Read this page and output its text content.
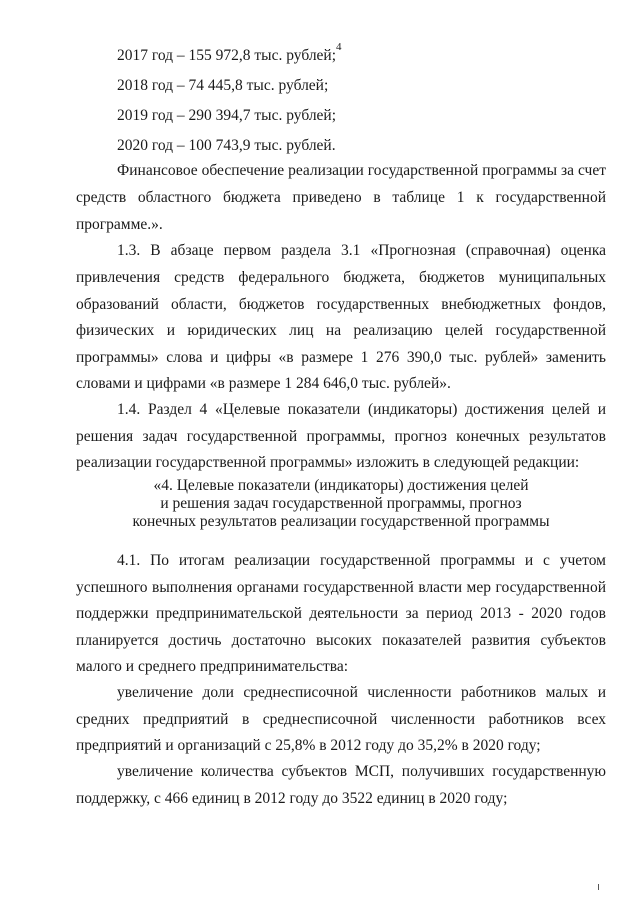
4
2017 год – 155 972,8 тыс. рублей;
2018 год – 74 445,8 тыс. рублей;
2019 год – 290 394,7 тыс. рублей;
2020 год – 100 743,9 тыс. рублей.
Финансовое обеспечение реализации государственной программы за счет
средств областного бюджета приведено в таблице 1 к государственной
программе.».
1.3. В абзаце первом раздела 3.1 «Прогнозная (справочная) оценка
привлечения средств федерального бюджета, бюджетов муниципальных
образований области, бюджетов государственных внебюджетных фондов,
физических и юридических лиц на реализацию целей государственной
программы» слова и цифры «в размере 1 276 390,0 тыс. рублей» заменить
словами и цифрами «в размере 1 284 646,0 тыс. рублей».
1.4. Раздел 4 «Целевые показатели (индикаторы) достижения целей и
решения задач государственной программы, прогноз конечных результатов
реализации государственной программы» изложить в следующей редакции:
«4. Целевые показатели (индикаторы) достижения целей
и решения задач государственной программы, прогноз
конечных результатов реализации государственной программы
4.1. По итогам реализации государственной программы и с учетом
успешного выполнения органами государственной власти мер государственной
поддержки предпринимательской деятельности за период 2013 - 2020 годов
планируется достичь достаточно высоких показателей развития субъектов
малого и среднего предпринимательства:
увеличение доли среднесписочной численности работников малых и
средних предприятий в среднесписочной численности работников всех
предприятий и организаций с 25,8% в 2012 году до 35,2% в 2020 году;
увеличение количества субъектов МСП, получивших государственную
поддержку, с 466 единиц в 2012 году до 3522 единиц в 2020 году;
